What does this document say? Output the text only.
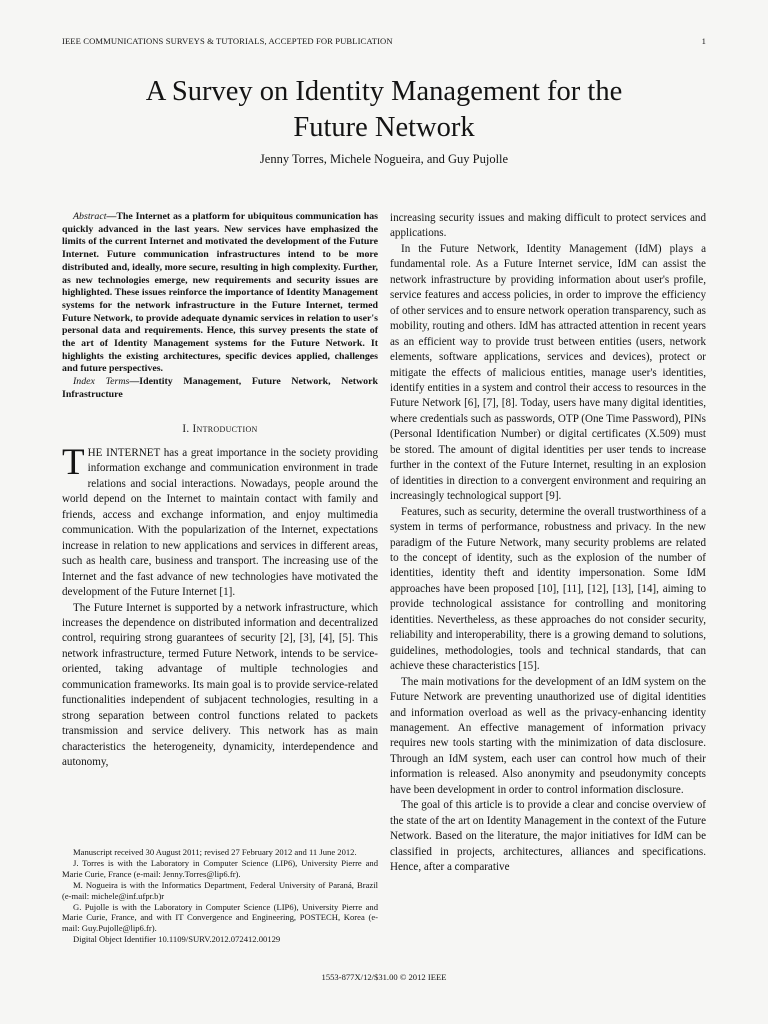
IEEE COMMUNICATIONS SURVEYS & TUTORIALS, ACCEPTED FOR PUBLICATION	1
A Survey on Identity Management for the
Future Network
Jenny Torres, Michele Nogueira, and Guy Pujolle

Abstract—The Internet as a platform for ubiquitous communication has quickly advanced in the last years. New services have emphasized the limits of the current Internet and motivated the development of the Future Internet. Future communication infrastructures intend to be more distributed and, ideally, more secure, resulting in high complexity. Further, as new technologies emerge, new requirements and security issues are highlighted. These issues reinforce the importance of Identity Management systems for the network infrastructure in the Future Internet, termed Future Network, to provide adequate dynamic services in relation to user's personal data and requirements. Hence, this survey presents the state of the art of Identity Management systems for the Future Network. It highlights the existing architectures, specific devices applied, challenges and future perspectives.

Index Terms—Identity Management, Future Network, Network Infrastructure

I. Introduction

THE INTERNET has a great importance in the society providing information exchange and communication environment in trade relations and social interactions. Nowadays, people around the world depend on the Internet to maintain contact with family and friends, access and exchange information, and enjoy multimedia communication. With the popularization of the Internet, expectations increase in relation to new applications and services in different areas, such as health care, business and transport. The increasing use of the Internet and the fast advance of new technologies have motivated the development of the Future Internet [1].

The Future Internet is supported by a network infrastructure, which increases the dependence on distributed information and decentralized control, requiring strong guarantees of security [2], [3], [4], [5]. This network infrastructure, termed Future Network, intends to be service-oriented, taking advantage of multiple technologies and communication frameworks. Its main goal is to provide service-related functionalities independent of subjacent technologies, resulting in a strong separation between control functions related to packets transmission and service delivery. This network has as main characteristics the heterogeneity, dynamicity, interdependence and autonomy,

increasing security issues and making difficult to protect services and applications.

In the Future Network, Identity Management (IdM) plays a fundamental role. As a Future Internet service, IdM can assist the network infrastructure by providing information about user's profile, service features and access policies, in order to improve the efficiency of other services and to ensure network operation transparency, such as mobility, routing and others. IdM has attracted attention in recent years as an efficient way to provide trust between entities (users, network elements, software applications, services and devices), protect or mitigate the effects of malicious entities, manage user's identities, identify entities in a system and control their access to resources in the Future Network [6], [7], [8]. Today, users have many digital identities, where credentials such as passwords, OTP (One Time Password), PINs (Personal Identification Number) or digital certificates (X.509) must be stored. The amount of digital identities per user tends to increase further in the context of the Future Internet, resulting in an explosion of identities in direction to a convergent environment and requiring an increasingly technological support [9].

Features, such as security, determine the overall trustworthiness of a system in terms of performance, robustness and privacy. In the new paradigm of the Future Network, many security problems are related to the concept of identity, such as the explosion of the number of identities, identity theft and identity impersonation. Some IdM approaches have been proposed [10], [11], [12], [13], [14], aiming to provide technological assistance for controlling and monitoring identities. Nevertheless, as these approaches do not consider security, reliability and interoperability, there is a growing demand to solutions, guidelines, methodologies, tools and technical standards, that can achieve these characteristics [15].

The main motivations for the development of an IdM system on the Future Network are preventing unauthorized use of digital identities and information overload as well as the privacy-enhancing identity management. An effective management of information privacy requires new tools starting with the minimization of data disclosure. Through an IdM system, each user can control how much of their information is released. Also anonymity and pseudonymity concepts have been development in order to control information disclosure.

The goal of this article is to provide a clear and concise overview of the state of the art on Identity Management in the context of the Future Network. Based on the literature, the major initiatives for IdM can be classified in projects, architectures, alliances and specifications. Hence, after a comparative

Manuscript received 30 August 2011; revised 27 February 2012 and 11 June 2012.

J. Torres is with the Laboratory in Computer Science (LIP6), University Pierre and Marie Curie, France (e-mail: Jenny.Torres@lip6.fr).

M. Nogueira is with the Informatics Department, Federal University of Paraná, Brazil (e-mail: michele@inf.ufpr.b)r

G. Pujolle is with the Laboratory in Computer Science (LIP6), University Pierre and Marie Curie, France, and with IT Convergence and Engineering, POSTECH, Korea (e-mail: Guy.Pujolle@lip6.fr).

Digital Object Identifier 10.1109/SURV.2012.072412.00129

1553-877X/12/$31.00 © 2012 IEEE
